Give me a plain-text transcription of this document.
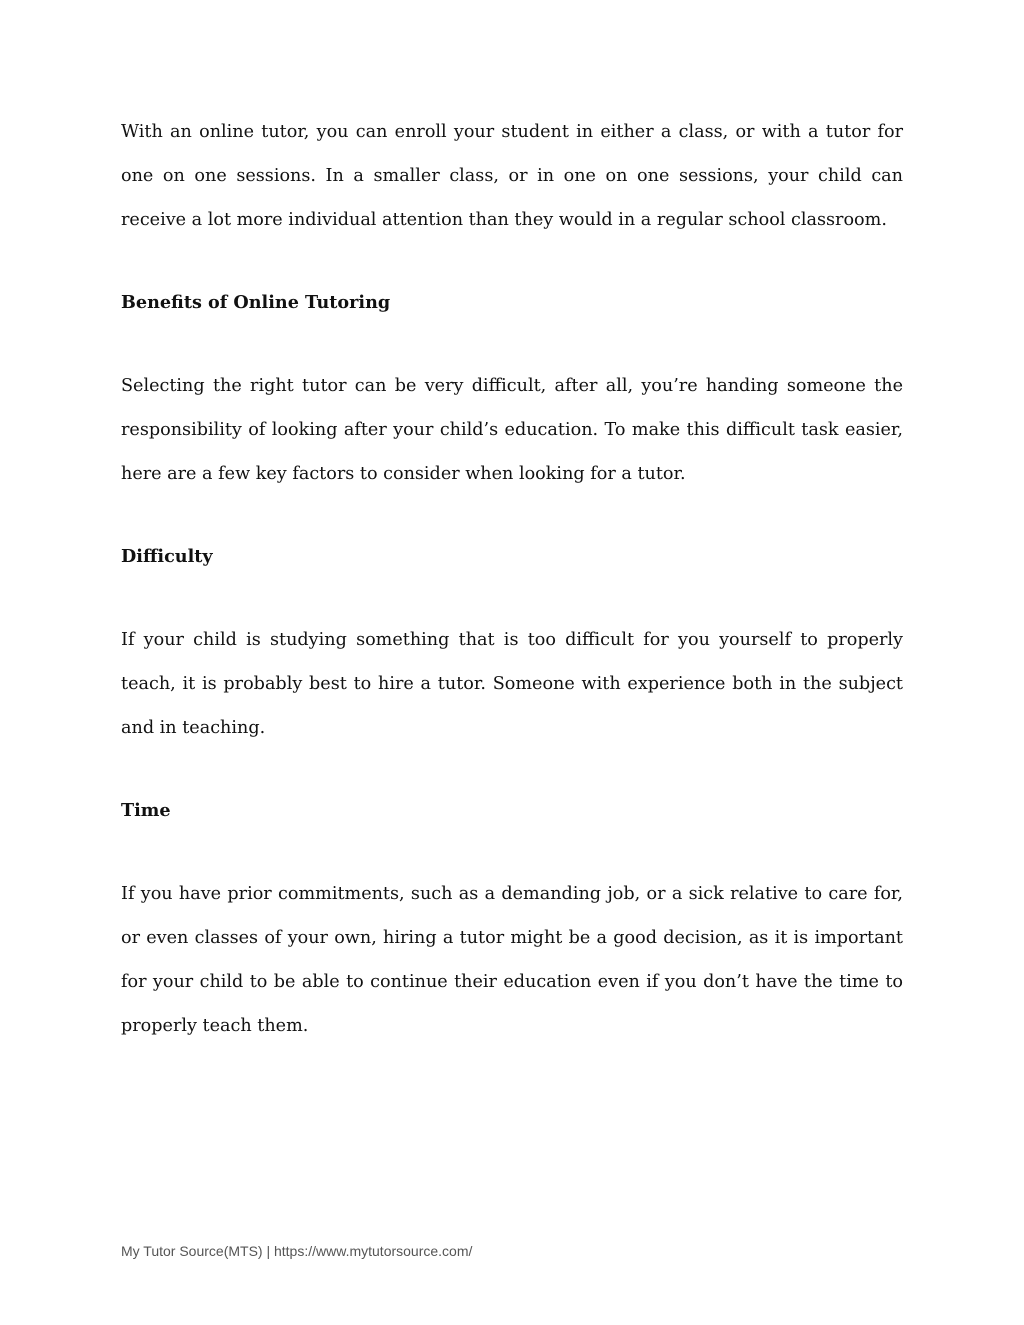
With an online tutor, you can enroll your student in either a class, or with a tutor for one on one sessions. In a smaller class, or in one on one sessions, your child can receive a lot more individual attention than they would in a regular school classroom.

Benefits of Online Tutoring

Selecting the right tutor can be very difficult, after all, you’re handing someone the responsibility of looking after your child’s education. To make this difficult task easier, here are a few key factors to consider when looking for a tutor.

Difficulty

If your child is studying something that is too difficult for you yourself to properly teach, it is probably best to hire a tutor. Someone with experience both in the subject and in teaching.

Time

If you have prior commitments, such as a demanding job, or a sick relative to care for, or even classes of your own, hiring a tutor might be a good decision, as it is important for your child to be able to continue their education even if you don’t have the time to properly teach them.

My Tutor Source(MTS) | https://www.mytutorsource.com/
